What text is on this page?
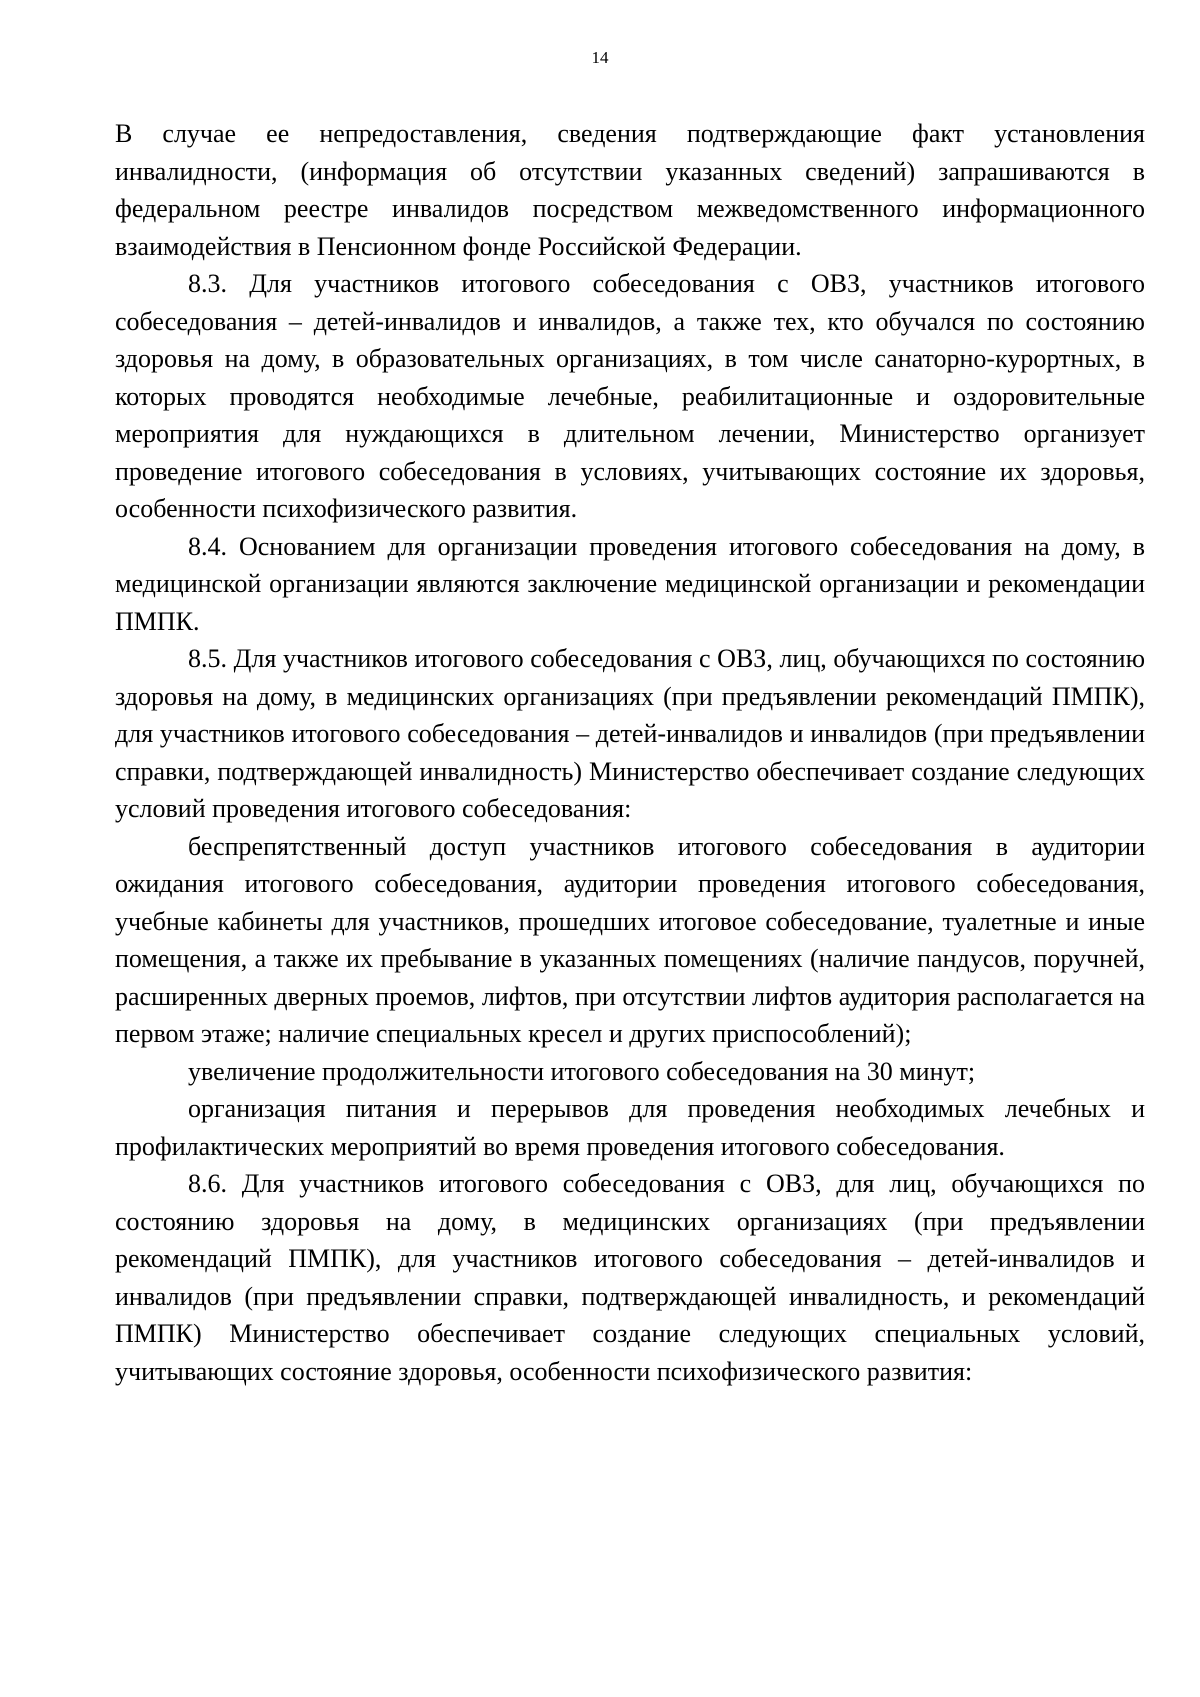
14

В случае ее непредоставления, сведения подтверждающие факт установления инвалидности, (информация об отсутствии указанных сведений) запрашиваются в федеральном реестре инвалидов посредством межведомственного информационного взаимодействия в Пенсионном фонде Российской Федерации.

8.3. Для участников итогового собеседования с ОВЗ, участников итогового собеседования – детей-инвалидов и инвалидов, а также тех, кто обучался по состоянию здоровья на дому, в образовательных организациях, в том числе санаторно-курортных, в которых проводятся необходимые лечебные, реабилитационные и оздоровительные мероприятия для нуждающихся в длительном лечении, Министерство организует проведение итогового собеседования в условиях, учитывающих состояние их здоровья, особенности психофизического развития.

8.4. Основанием для организации проведения итогового собеседования на дому, в медицинской организации являются заключение медицинской организации и рекомендации ПМПК.

8.5. Для участников итогового собеседования с ОВЗ, лиц, обучающихся по состоянию здоровья на дому, в медицинских организациях (при предъявлении рекомендаций ПМПК), для участников итогового собеседования – детей-инвалидов и инвалидов (при предъявлении справки, подтверждающей инвалидность) Министерство обеспечивает создание следующих условий проведения итогового собеседования:

беспрепятственный доступ участников итогового собеседования в аудитории ожидания итогового собеседования, аудитории проведения итогового собеседования, учебные кабинеты для участников, прошедших итоговое собеседование, туалетные и иные помещения, а также их пребывание в указанных помещениях (наличие пандусов, поручней, расширенных дверных проемов, лифтов, при отсутствии лифтов аудитория располагается на первом этаже; наличие специальных кресел и других приспособлений);

увеличение продолжительности итогового собеседования на 30 минут;

организация питания и перерывов для проведения необходимых лечебных и профилактических мероприятий во время проведения итогового собеседования.

8.6. Для участников итогового собеседования с ОВЗ, для лиц, обучающихся по состоянию здоровья на дому, в медицинских организациях (при предъявлении рекомендаций ПМПК), для участников итогового собеседования – детей-инвалидов и инвалидов (при предъявлении справки, подтверждающей инвалидность, и рекомендаций ПМПК) Министерство обеспечивает создание следующих специальных условий, учитывающих состояние здоровья, особенности психофизического развития:
